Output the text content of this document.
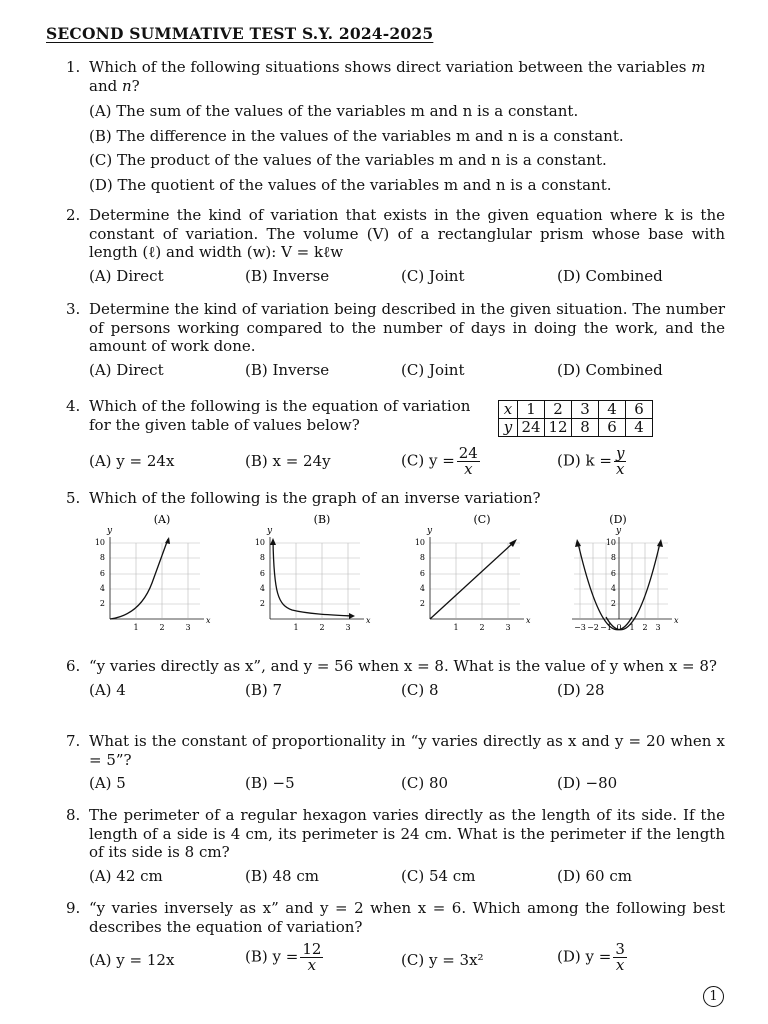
SECOND SUMMATIVE TEST S.Y. 2024-2025
1. Which of the following situations shows direct variation between the variables m and n?
(A) The sum of the values of the variables m and n is a constant.
(B) The difference in the values of the variables m and n is a constant.
(C) The product of the values of the variables m and n is a constant.
(D) The quotient of the values of the variables m and n is a constant.
2. Determine the kind of variation that exists in the given equation where k is the constant of variation. The volume (V) of a rectanglular prism whose base with length (ℓ) and width (w): V = kℓw
(A) Direct	(B) Inverse	(C) Joint	(D) Combined
3. Determine the kind of variation being described in the given situation. The number of persons working compared to the number of days in doing the work, and the amount of work done.
(A) Direct	(B) Inverse	(C) Joint	(D) Combined
4. Which of the following is the equation of variation
for the given table of values below?
(A) y = 24x	(B) x = 24y	(C) $y = \frac{24}{x}$	(D) $k = \frac{y}{x}$
x	1	2	3	4	6
y	24	12	8	6	4
5. Which of the following is the graph of an inverse variation?
(A)
y
x
10
8
6
4
2
1	2	3
(B)
y
x
10
8
6
4
2
1	2	3
(C)
y
x
10
8
6
4
2
1	2	3
(D)
y
x
10
8
6
4
2
−3 −2 −1 0 1 2 3
6. “y varies directly as x”, and y = 56 when x = 8. What is the value of y when x = 8?
(A) 4	(B) 7	(C) 8	(D) 28
7. What is the constant of proportionality in “y varies directly as x and y = 20 when x = 5”?
(A) 5	(B) −5	(C) 80	(D) −80
8. The perimeter of a regular hexagon varies directly as the length of its side. If the length of a side is 4 cm, its perimeter is 24 cm. What is the perimeter if the length of its side is 8 cm?
(A) 42 cm	(B) 48 cm	(C) 54 cm	(D) 60 cm
9. “y varies inversely as x” and y = 2 when x = 6. Which among the following best describes the equation of variation?
(A) y = 12x	(B) $y = \frac{12}{x}$	(C) y = 3x²	(D) $y = \frac{3}{x}$
1
